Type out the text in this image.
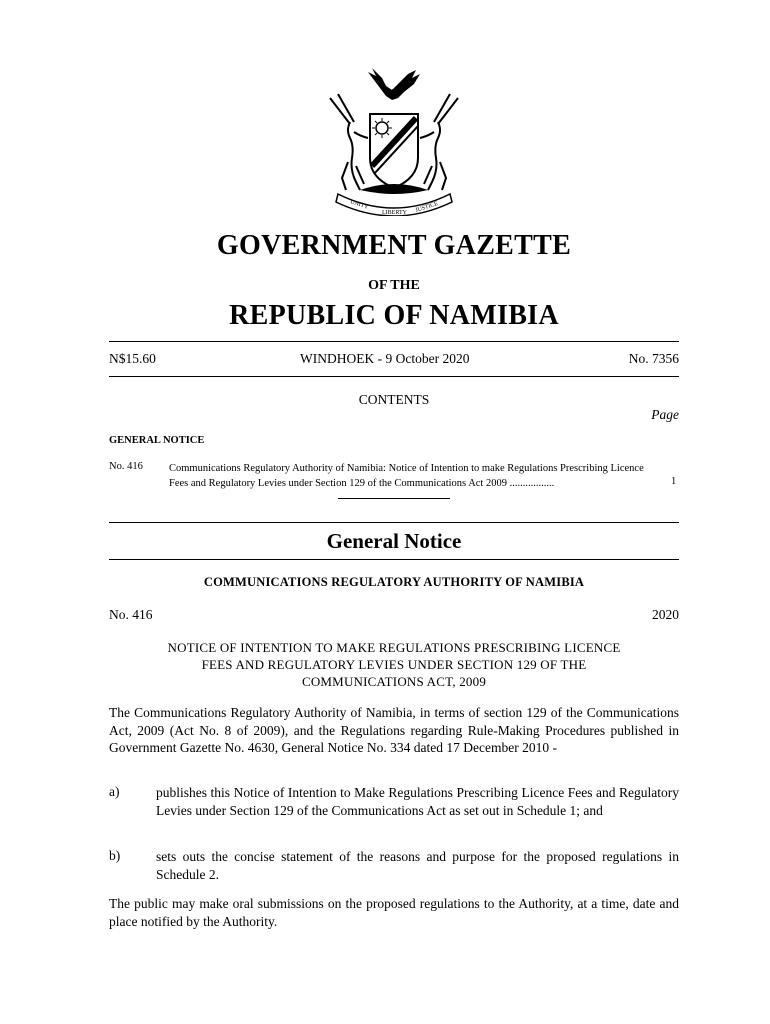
UNITY
LIBERTY JUSTICE
GOVERNMENT GAZETTE
OF THE
REPUBLIC OF NAMIBIA
N$15.60	WINDHOEK - 9 October 2020	No. 7356
CONTENTS
Page
GENERAL NOTICE
No. 416 Communications Regulatory Authority of Namibia: Notice of Intention to make Regulations Prescribing Licence Fees and Regulatory Levies under Section 129 of the Communications Act 2009 .................	1
General Notice
COMMUNICATIONS REGULATORY AUTHORITY OF NAMIBIA
No. 416	2020
NOTICE OF INTENTION TO MAKE REGULATIONS PRESCRIBING LICENCE FEES AND REGULATORY LEVIES UNDER SECTION 129 OF THE COMMUNICATIONS ACT, 2009
The Communications Regulatory Authority of Namibia, in terms of section 129 of the Communications Act, 2009 (Act No. 8 of 2009), and the Regulations regarding Rule-Making Procedures published in Government Gazette No. 4630, General Notice No. 334 dated 17 December 2010 -
a)	publishes this Notice of Intention to Make Regulations Prescribing Licence Fees and Regulatory Levies under Section 129 of the Communications Act as set out in Schedule 1; and
b)	sets outs the concise statement of the reasons and purpose for the proposed regulations in Schedule 2.
The public may make oral submissions on the proposed regulations to the Authority, at a time, date and place notified by the Authority.
